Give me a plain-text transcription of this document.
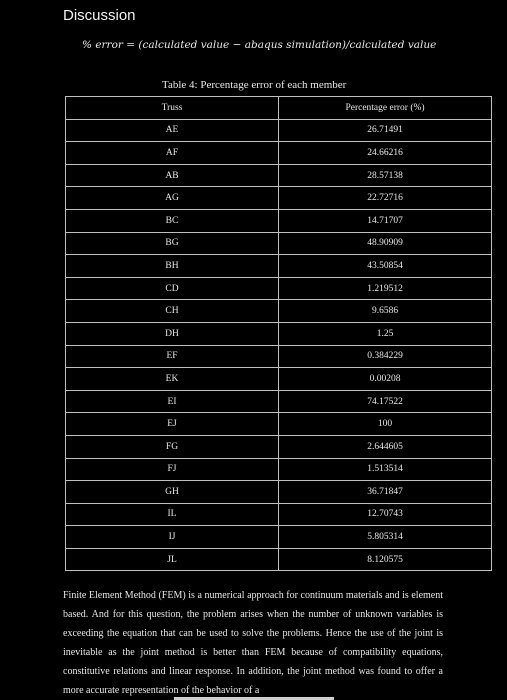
Discussion
% error = (calculated value − abaqus simulation)/calculated value
Table 4: Percentage error of each member
Truss	Percentage error (%)
AE	26.71491
AF	24.66216
AB	28.57138
AG	22.72716
BC	14.71707
BG	48.90909
BH	43.50854
CD	1.219512
CH	9.6586
DH	1.25
EF	0.384229
EK	0.00208
EI	74.17522
EJ	100
FG	2.644605
FJ	1.513514
GH	36.71847
IL	12.70743
IJ	5.805314
JL	8.120575
Finite Element Method (FEM) is a numerical approach for continuum materials and is element based. And for this question, the problem arises when the number of unknown variables is exceeding the equation that can be used to solve the problems. Hence the use of the joint is inevitable as the joint method is better than FEM because of compatibility equations, constitutive relations and linear response. In addition, the joint method was found to offer a more accurate representation of the behavior of a
